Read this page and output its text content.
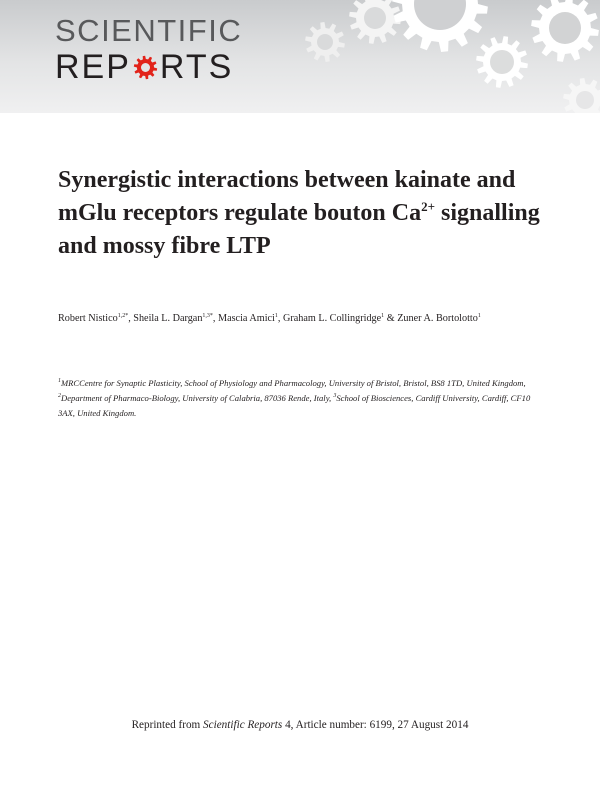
SCIENTIFIC
REP RTS
Synergistic interactions between kainate and mGlu receptors regulate bouton $Ca^{2+}$ signalling and mossy fibre LTP

Robert Nistico$^{1,2*}$, Sheila L. Dargan$^{1,3*}$, Mascia Amici$^1$, Graham L. Collingridge$^1$ & Zuner A. Bortolotto$^1$

$^1$MRCCentre for Synaptic Plasticity, School of Physiology and Pharmacology, University of Bristol, Bristol, BS8 1TD, United Kingdom,
$^2$Department of Pharmaco-Biology, University of Calabria, 87036 Rende, Italy, $^3$School of Biosciences, Cardiff University, Cardiff, CF10 3AX, United Kingdom.

Reprinted from Scientific Reports 4, Article number: 6199, 27 August 2014
